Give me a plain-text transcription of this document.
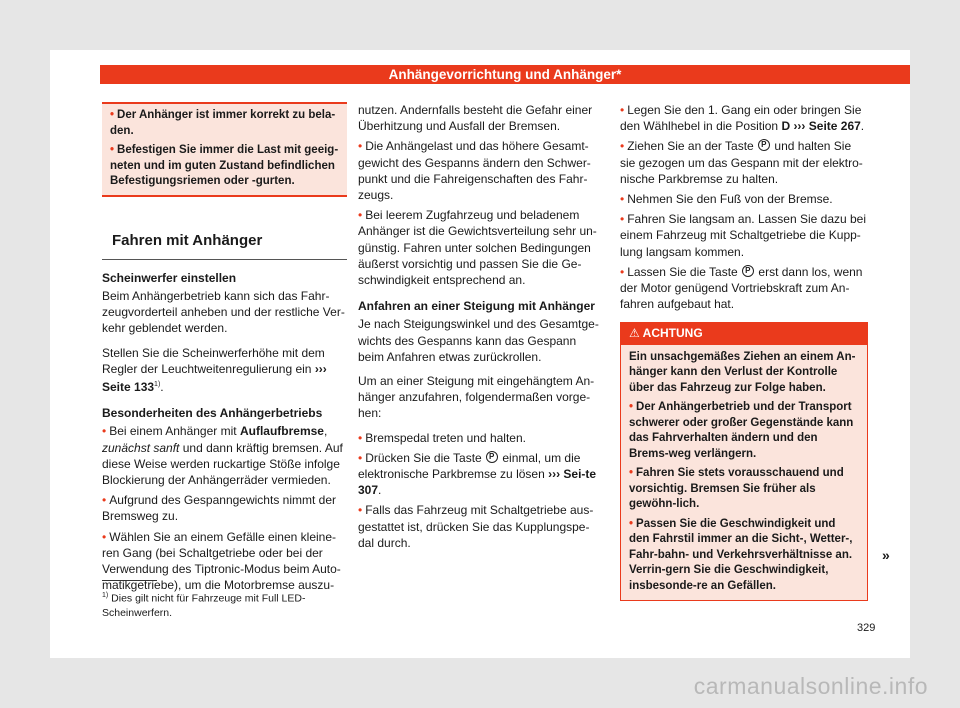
Anhängevorrichtung und Anhänger*

• Der Anhänger ist immer korrekt zu bela-den.

• Befestigen Sie immer die Last mit geeig-neten und im guten Zustand befindlichen Befestigungsriemen oder -gurten.

Fahren mit Anhänger
Scheinwerfer einstellen

Beim Anhängerbetrieb kann sich das Fahr-zeugvorderteil anheben und der restliche Ver-kehr geblendet werden.

Stellen Sie die Scheinwerferhöhe mit dem Regler der Leuchtweitenregulierung ein ››› Seite 133$^{1)}$.

Besonderheiten des Anhängerbetriebs

• Bei einem Anhänger mit Auflaufbremse, zunächst sanft und dann kräftig bremsen. Auf diese Weise werden ruckartige Stöße infolge Blockierung der Anhängerräder vermieden.

• Aufgrund des Gespanngewichts nimmt der Bremsweg zu.

• Wählen Sie an einem Gefälle einen kleine-ren Gang (bei Schaltgetriebe oder bei der Verwendung des Tiptronic-Modus beim Auto-matikgetriebe), um die Motorbremse auszu-

nutzen. Andernfalls besteht die Gefahr einer Überhitzung und Ausfall der Bremsen.

• Die Anhängelast und das höhere Gesamt-gewicht des Gespanns ändern den Schwer-punkt und die Fahreigenschaften des Fahr-zeugs.

• Bei leerem Zugfahrzeug und beladenem Anhänger ist die Gewichtsverteilung sehr un-günstig. Fahren unter solchen Bedingungen äußerst vorsichtig und passen Sie die Ge-schwindigkeit entsprechend an.

Anfahren an einer Steigung mit Anhänger

Je nach Steigungswinkel und des Gesamtge-wichts des Gespanns kann das Gespann beim Anfahren etwas zurückrollen.

Um an einer Steigung mit eingehängtem An-hänger anzufahren, folgendermaßen vorge-hen:

• Bremspedal treten und halten.

• Drücken Sie die Taste P einmal, um die elektronische Parkbremse zu lösen ››› Sei-te 307.

• Falls das Fahrzeug mit Schaltgetriebe aus-gestattet ist, drücken Sie das Kupplungspe-dal durch.

• Legen Sie den 1. Gang ein oder bringen Sie den Wählhebel in die Position D ››› Seite 267.

• Ziehen Sie an der Taste P und halten Sie sie gezogen um das Gespann mit der elektro-nische Parkbremse zu halten.

• Nehmen Sie den Fuß von der Bremse.

• Fahren Sie langsam an. Lassen Sie dazu bei einem Fahrzeug mit Schaltgetriebe die Kupp-lung langsam kommen.

• Lassen Sie die Taste P erst dann los, wenn der Motor genügend Vortriebskraft zum An-fahren aufgebaut hat.

⚠ ACHTUNG

Ein unsachgemäßes Ziehen an einem An-hänger kann den Verlust der Kontrolle über das Fahrzeug zur Folge haben.

• Der Anhängerbetrieb und der Transport schwerer oder großer Gegenstände kann das Fahrverhalten ändern und den Brems-weg verlängern.

• Fahren Sie stets vorausschauend und vorsichtig. Bremsen Sie früher als gewöhn-lich.

• Passen Sie die Geschwindigkeit und den Fahrstil immer an die Sicht-, Wetter-, Fahr-bahn- und Verkehrsverhältnisse an. Verrin-gern Sie die Geschwindigkeit, insbesonde-re an Gefällen.

»
$^{1)}$ Dies gilt nicht für Fahrzeuge mit Full LED-Scheinwerfern.
329
carmanualsonline.info
